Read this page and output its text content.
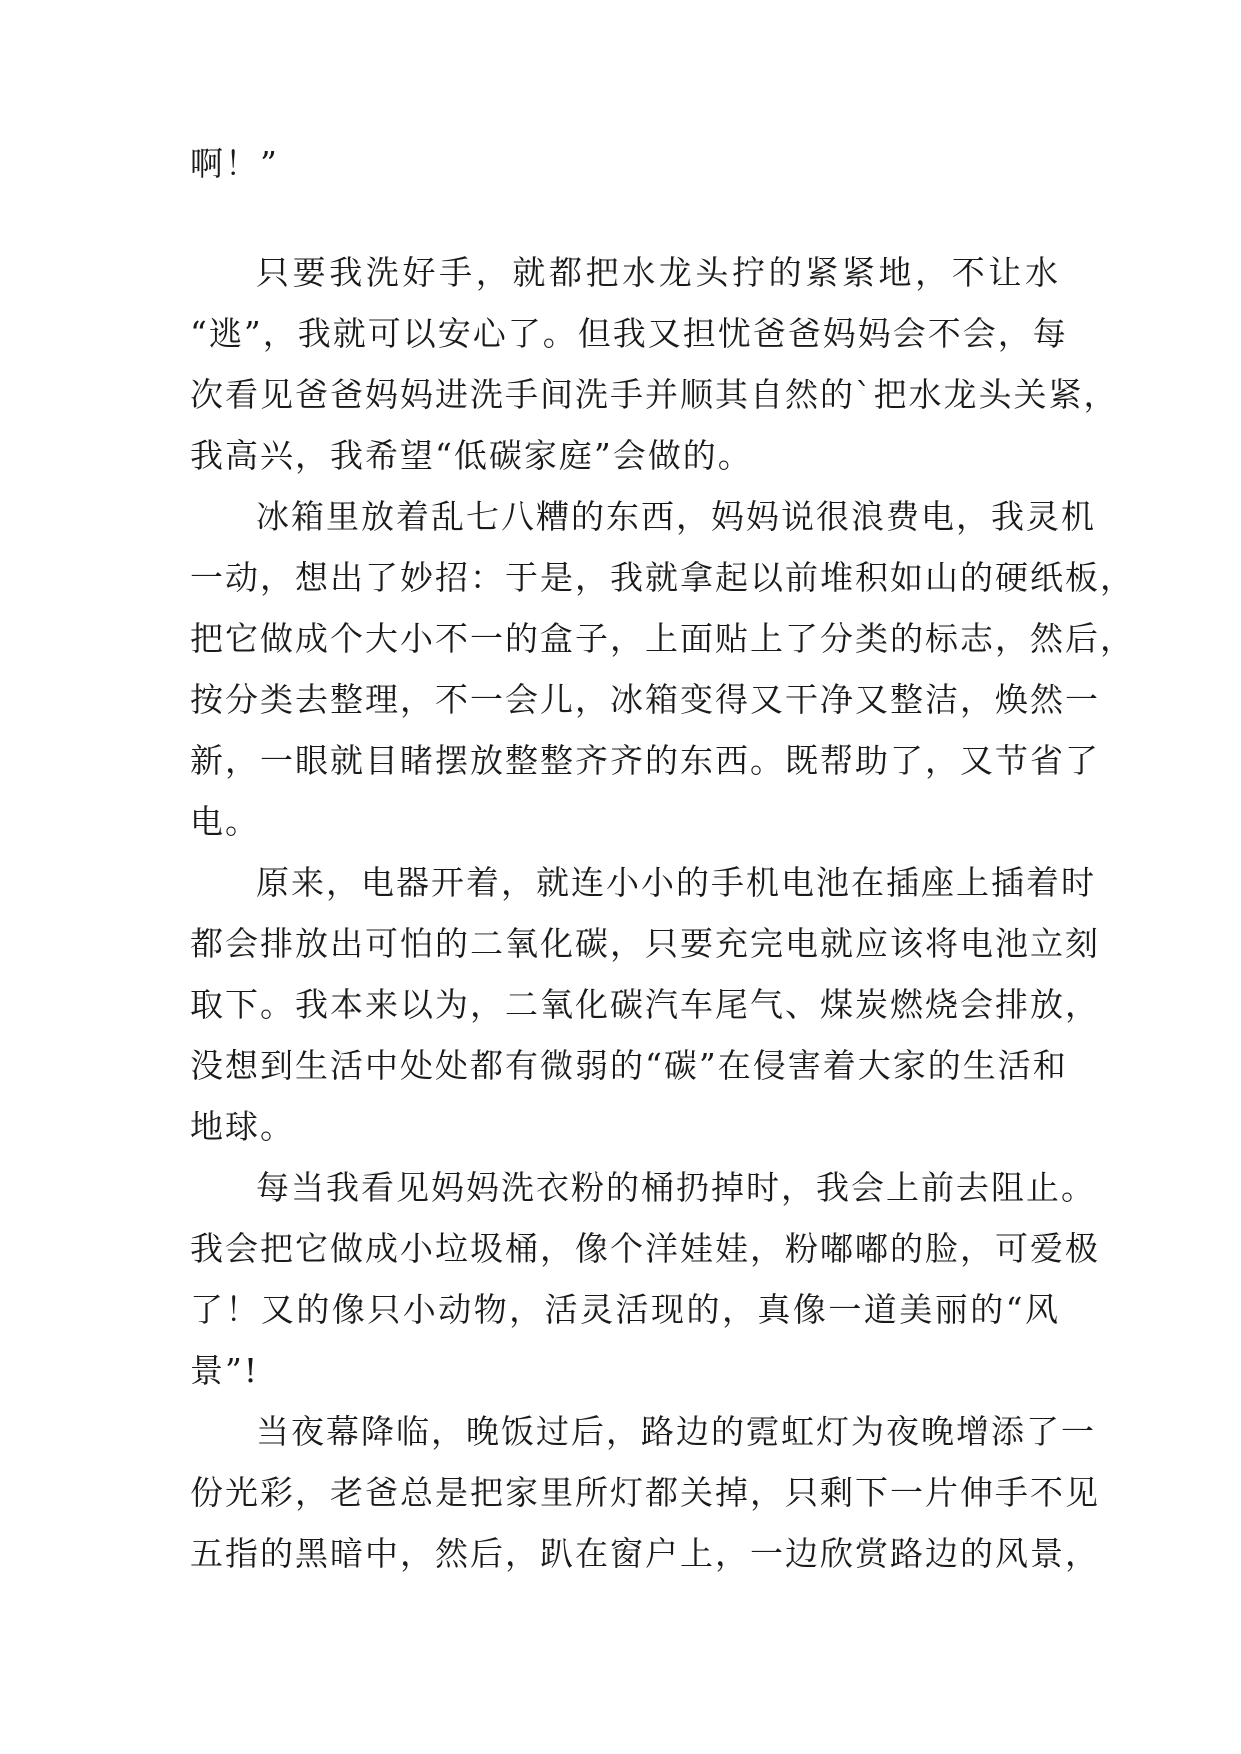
啊！”
只要我洗好手，就都把水龙头拧的紧紧地，不让水
“逃”，我就可以安心了。但我又担忧爸爸妈妈会不会，每
次看见爸爸妈妈进洗手间洗手并顺其自然的`把水龙头关紧，
我高兴，我希望“低碳家庭”会做的。
冰箱里放着乱七八糟的东西，妈妈说很浪费电，我灵机
一动，想出了妙招：于是，我就拿起以前堆积如山的硬纸板，
把它做成个大小不一的盒子，上面贴上了分类的标志，然后，
按分类去整理，不一会儿，冰箱变得又干净又整洁，焕然一
新，一眼就目睹摆放整整齐齐的东西。既帮助了，又节省了
电。
原来，电器开着，就连小小的手机电池在插座上插着时
都会排放出可怕的二氧化碳，只要充完电就应该将电池立刻
取下。我本来以为，二氧化碳汽车尾气、煤炭燃烧会排放，
没想到生活中处处都有微弱的“碳”在侵害着大家的生活和
地球。
每当我看见妈妈洗衣粉的桶扔掉时，我会上前去阻止。
我会把它做成小垃圾桶，像个洋娃娃，粉嘟嘟的脸，可爱极
了！又的像只小动物，活灵活现的，真像一道美丽的“风
景”!
当夜幕降临，晚饭过后，路边的霓虹灯为夜晚增添了一
份光彩，老爸总是把家里所灯都关掉，只剩下一片伸手不见
五指的黑暗中，然后，趴在窗户上，一边欣赏路边的风景，
